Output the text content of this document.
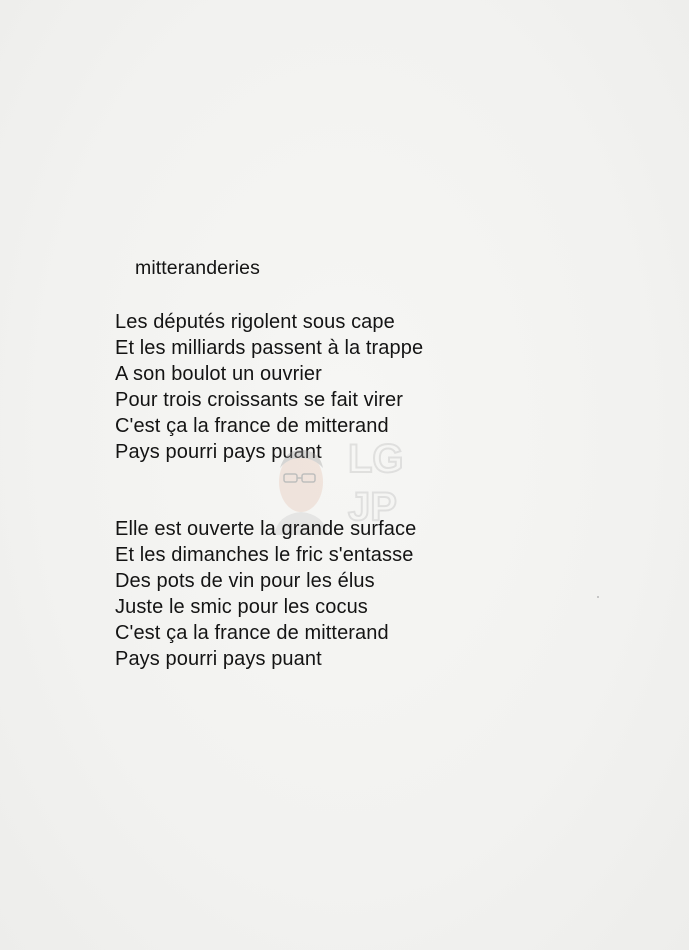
mitteranderies
Les députés rigolent sous cape
Et les milliards passent à la trappe
A son boulot un ouvrier
Pour trois croissants se fait virer
C'est ça la france de mitterand
Pays pourri pays puant LG
JP
Elle est ouverte la grande surface
Et les dimanches le fric s'entasse
Des pots de vin pour les élus
Juste le smic pour les cocus
C'est ça la france de mitterand
Pays pourri pays puant
